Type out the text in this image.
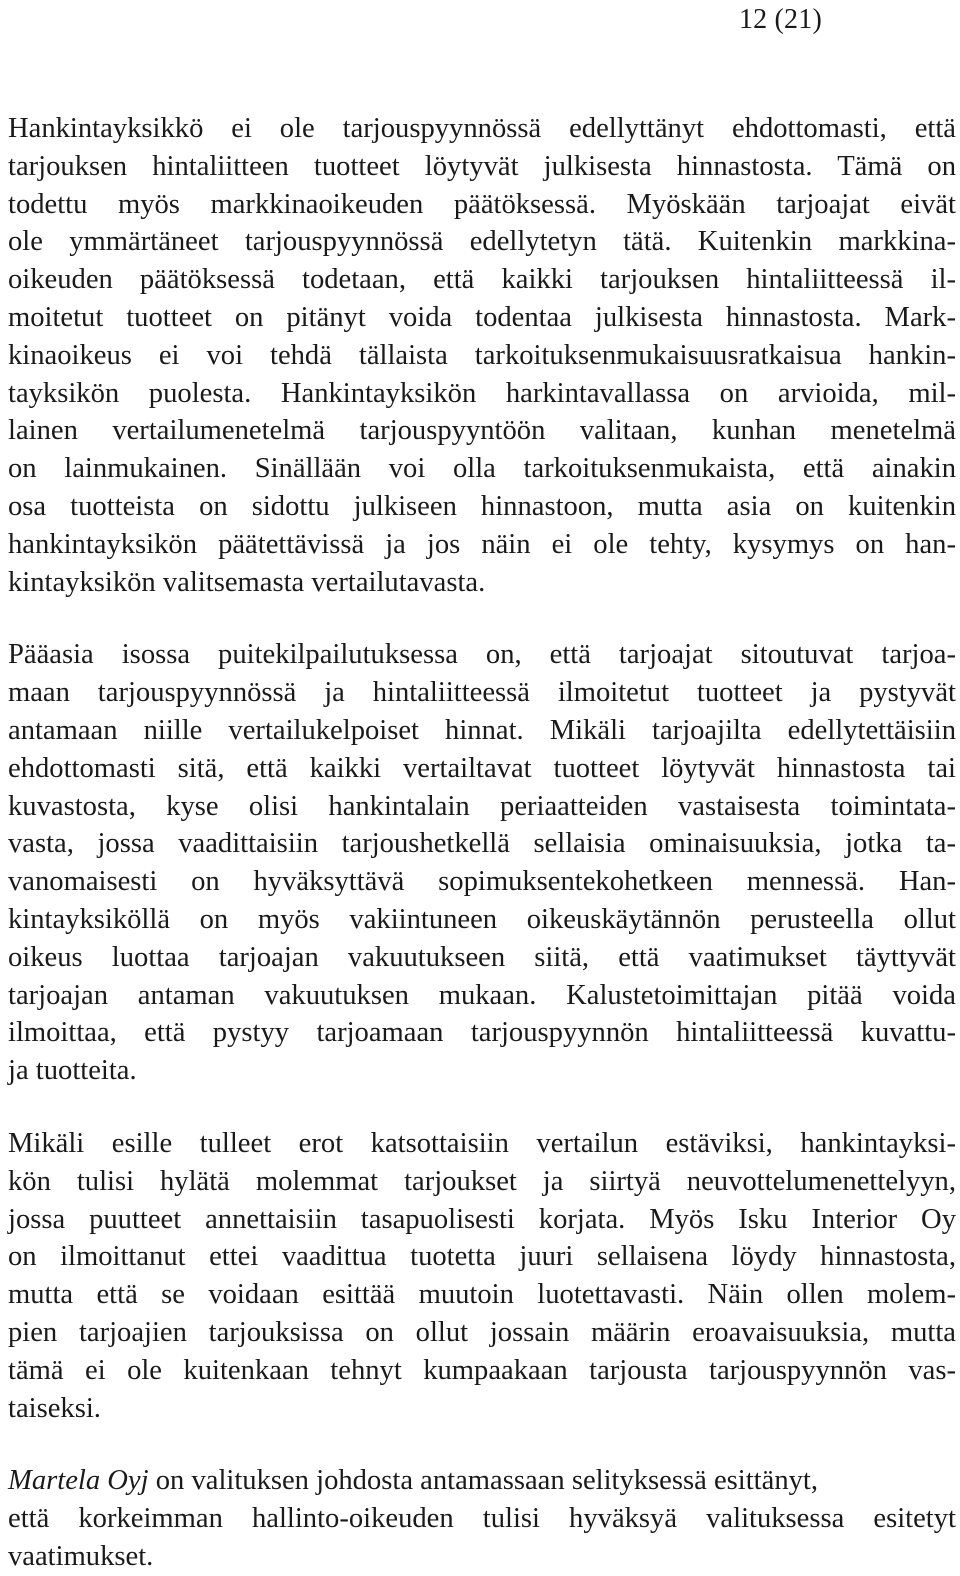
12 (21)

Hankintayksikkö ei ole tarjouspyynnössä edellyttänyt ehdottomasti, että
tarjouksen hintaliitteen tuotteet löytyvät julkisesta hinnastosta. Tämä on
todettu myös markkinaoikeuden päätöksessä. Myöskään tarjoajat eivät
ole ymmärtäneet tarjouspyynnössä edellytetyn tätä. Kuitenkin markkina-
oikeuden päätöksessä todetaan, että kaikki tarjouksen hintaliitteessä il-
moitetut tuotteet on pitänyt voida todentaa julkisesta hinnastosta. Mark-
kinaoikeus ei voi tehdä tällaista tarkoituksenmukaisuusratkaisua hankin-
tayksikön puolesta. Hankintayksikön harkintavallassa on arvioida, mil-
lainen vertailumenetelmä tarjouspyyntöön valitaan, kunhan menetelmä
on lainmukainen. Sinällään voi olla tarkoituksenmukaista, että ainakin
osa tuotteista on sidottu julkiseen hinnastoon, mutta asia on kuitenkin
hankintayksikön päätettävissä ja jos näin ei ole tehty, kysymys on han-
kintayksikön valitsemasta vertailutavasta.

Pääasia isossa puitekilpailutuksessa on, että tarjoajat sitoutuvat tarjoa-
maan tarjouspyynnössä ja hintaliitteessä ilmoitetut tuotteet ja pystyvät
antamaan niille vertailukelpoiset hinnat. Mikäli tarjoajilta edellytettäisiin
ehdottomasti sitä, että kaikki vertailtavat tuotteet löytyvät hinnastosta tai
kuvastosta, kyse olisi hankintalain periaatteiden vastaisesta toimintata-
vasta, jossa vaadittaisiin tarjoushetkellä sellaisia ominaisuuksia, jotka ta-
vanomaisesti on hyväksyttävä sopimuksentekohetkeen mennessä. Han-
kintayksiköllä on myös vakiintuneen oikeuskäytännön perusteella ollut
oikeus luottaa tarjoajan vakuutukseen siitä, että vaatimukset täyttyvät
tarjoajan antaman vakuutuksen mukaan. Kalustetoimittajan pitää voida
ilmoittaa, että pystyy tarjoamaan tarjouspyynnön hintaliitteessä kuvattu-
ja tuotteita.

Mikäli esille tulleet erot katsottaisiin vertailun estäviksi, hankintayksi-
kön tulisi hylätä molemmat tarjoukset ja siirtyä neuvottelumenettelyyn,
jossa puutteet annettaisiin tasapuolisesti korjata. Myös Isku Interior Oy
on ilmoittanut ettei vaadittua tuotetta juuri sellaisena löydy hinnastosta,
mutta että se voidaan esittää muutoin luotettavasti. Näin ollen molem-
pien tarjoajien tarjouksissa on ollut jossain määrin eroavaisuuksia, mutta
tämä ei ole kuitenkaan tehnyt kumpaakaan tarjousta tarjouspyynnön vas-
taiseksi.

Martela Oyj on valituksen johdosta antamassaan selityksessä esittänyt,
että korkeimman hallinto-oikeuden tulisi hyväksyä valituksessa esitetyt
vaatimukset.
